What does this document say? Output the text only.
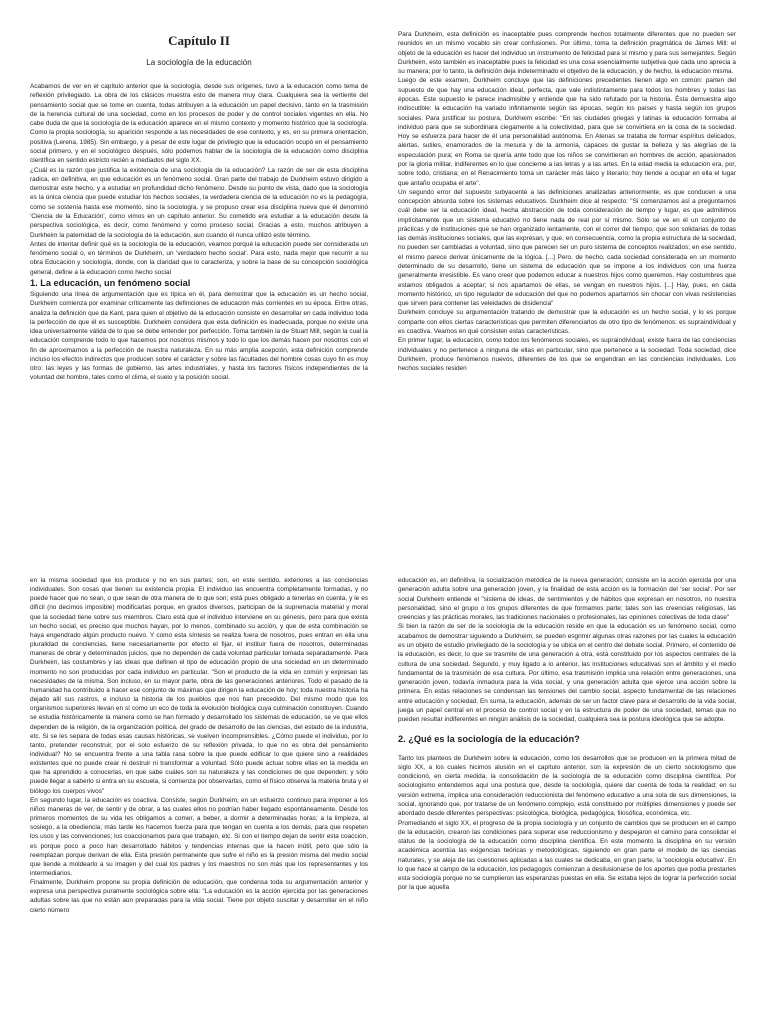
Capítulo II
La sociología de la educación

Acabamos de ver en el capítulo anterior que la sociología, desde sus orígenes, tuvo a la educación como tema de reflexión privilegiado. La obra de los clásicos muestra esto de manera muy clara. Cualquiera sea la vertiente del pensamiento social que se tome en cuenta, todas atribuyen a la educación un papel decisivo, tanto en la trasmisión de la herencia cultural de una sociedad, como en los procesos de poder y de control sociales vigentes en ella. No cabe duda de que la sociología de la educación aparece en el mismo contexto y momento histórico que la sociología. Como la propia sociología, su aparición responde a las necesidades de ese contexto, y es, en su primera orientación, positiva (Lerena, 1985). Sin embargo, y a pesar de este lugar de privilegio que la educación ocupó en el pensamiento social primero, y en el sociológico después, sólo podemos hablar de la sociología de la educación como disciplina científica en sentido estricto recién a mediados del siglo XX.

¿Cuál es la razón que justifica la existencia de una sociología de la educación? La razón de ser de esta disciplina radica, en definitiva, en que educación es un fenómeno social. Gran parte del trabajo de Durkheim estuvo dirigido a demostrar este hecho, y a estudiar en profundidad dicho fenómeno. Desde su punto de vista, dado que la sociología es la única ciencia que puede estudiar los hechos sociales, la verdadera ciencia de la educación no es la pedagogía, como se sostenía hasta ese momento, sino la sociología, y se propuso crear esa disciplina nueva que él denominó 'Ciencia de la Educación', como vimos en un capítulo anterior. Su cometido era estudiar a la educación desde la perspectiva sociológica, es decir, como fenómeno y como proceso social. Gracias a esto, muchos atribuyen a Durkheim la paternidad de la sociología de la educación, aun cuando él nunca utilizó este término.

Antes de intentar definir qué es la sociología de la educación, veamos porqué la educación puede ser considerada un fenómeno social o, en términos de Durkheim, un 'verdadero hecho social'. Para esto, nada mejor que recurrir a su obra Educación y sociología, donde, con la claridad que lo caracteriza, y sobre la base de su concepción sociológica general, define a la educación como hecho social

1. La educación, un fenómeno social

Siguiendo una línea de argumentación que es típica en él, para demostrar que la educación es un hecho social, Durkheim comienza por examinar críticamente las definiciones de educación más corrientes en su época. Entre otras, analiza la definición que da Kant, para quien el objetivo de la educación consiste en desarrollar en cada individuo toda la perfección de que él es susceptible. Durkheim considera que esta definición es inadecuada, porque no existe una idea universalmente válida de lo que se debe entender por perfección. Toma también la de Stuart Mill, según la cual la educación comprende todo lo que hacemos por nosotros mismos y todo lo que los demás hacen por nosotros con el fin de aproximarnos a la perfección de nuestra naturaleza. En su más amplia acepción, esta definición comprende incluso los efectos indirectos que producen sobre el carácter y sobre las facultades del hombre cosas cuyo fin es muy otro: las leyes y las formas de gobierno, las artes industriales, y hasta los factores físicos independientes de la voluntad del hombre, tales como el clima, el suelo y la posición social.

Para Durkheim, esta definición es inaceptable pues comprende hechos totalmente diferentes que no pueden ser reunidos en un mismo vocablo sin crear confusiones. Por último, toma la definición pragmática de James Mill: el objeto de la educación es hacer del individuo un instrumento de felicidad para sí mismo y para sus semejantes. Según Durkheim, esto también es inaceptable pues la felicidad es una cosa esencialmente subjetiva que cada uno aprecia a su manera; por lo tanto, la definición deja indeterminado el objetivo de la educación, y de hecho, la educación misma.

Luego de este examen, Durkheim concluye que las definiciones precedentes tienen algo en común: parten del supuesto de que hay una educación ideal, perfecta, que vale indistintamente para todos los hombres y todas las épocas. Este supuesto le parece inadmisible y entiende que ha sido refutado por la historia. Ésta demuestra algo indiscutible: la educación ha variado infinitamente según las épocas, según los países y hasta según los grupos sociales. Para justificar su postura, Durkheim escribe: "En las ciudades griegas y latinas la educación formaba al individuo para que se subordinara ciegamente a la colectividad, para que se convirtiera en la cosa de la sociedad. Hoy se esfuerza para hacer de él una personalidad autónoma. En Atenas se trataba de formar espíritus delicados, alertas, sutiles, enamorados de la mesura y de la armonía, capaces de gustar la belleza y las alegrías de la especulación pura; en Roma se quería ante todo que los niños se convirtieran en hombres de acción, apasionados por la gloria militar, indiferentes en lo que concierne a las letras y a las artes. En la edad media la educación era, por, sobre todo, cristiana; en el Renacimiento toma un carácter más laico y literario; hoy tiende a ocupar en ella el lugar que antaño ocupaba el arte".

Un segundo error del supuesto subyacente a las definiciones analizadas anteriormente, es que conducen a una concepción absurda sobre los sistemas educativos. Durkheim dice al respecto: "Si comenzamos así a preguntarnos cuál debe ser la educación ideal, hecha abstracción de toda consideración de tiempo y lugar, es que admitimos implícitamente que un sistema educativo no tiene nada de real por sí mismo. Sólo se ve en él un conjunto de prácticas y de instituciones que se han organizado lentamente, con el correr del tiempo, que son solidarias de todas las demás instituciones sociales, que las expresan, y que, en consecuencia, como la propia estructura de la sociedad, no pueden ser cambiadas a voluntad, sino que parecen ser un puro sistema de conceptos realizados; en ese sentido, el mismo parece derivar únicamente de la lógica. [...] Pero, de hecho, cada sociedad considerada en un momento determinado de su desarrollo, tiene un sistema de educación que se impone a los individuos con una fuerza generalmente irresistible. Es vano creer que podemos educar a nuestros hijos como queremos. Hay costumbres que estamos obligados a aceptar; si nos apartamos de ellas, se vengan en nuestros hijos. [...] Hay, pues, en cada momento histórico, un tipo regulador de educación del que no podemos apartarnos sin chocar con vivas resistencias que sirven para contener las veleidades de disidencia"

Durkheim concluye su argumentación tratando de demostrar que la educación es un hecho social, y lo es porque comparte con ellos ciertas características que permiten diferenciarlos de otro tipo de fenómenos: es supraindividual y es coactiva. Veamos en qué consisten estas características.

En primer lugar, la educación, como todos los fenómenos sociales, es supraindividual, existe fuera de las conciencias individuales y no pertenece a ninguna de ellas en particular, sino que pertenece a la sociedad. Toda sociedad, dice Durkheim, produce fenómenos nuevos, diferentes de los que se engendran en las conciencias individuales. Los hechos sociales residen

en la misma sociedad que los produce y no en sus partes; son, en este sentido, exteriores a las conciencias individuales. Son cosas que tienen su existencia propia. El individuo las encuentra completamente formadas, y no puede hacer que no sean, o que sean de otra manera de lo que son; está pues obligado a tenerlas en cuenta, y le es difícil (no decimos imposible) modificarlas porque, en grados diversos, participan de la supremacía material y moral que la sociedad tiene sobre sus miembros. Claro está que el individuo interviene en su génesis, pero para que exista un hecho social, es preciso que muchos hayan, por lo menos, combinado su acción, y que de esta combinación se haya engendrado algún producto nuevo. Y como esta síntesis se realiza fuera de nosotros, pues entran en ella una pluralidad de conciencias, tiene necesariamente por efecto el fijar, el instituir fuera de nosotros, determinadas maneras de obrar y determinados juicios, que no dependen de cada voluntad particular tomada separadamente. Para Durkheim, las costumbres y las ideas que definen el tipo de educación propio de una sociedad en un determinado momento no son producidas por cada individuo en particular. "Son el producto de la vida en común y expresan las necesidades de la misma. Son incluso, en su mayor parte, obra de las generaciones anteriores. Todo el pasado de la humanidad ha contribuido a hacer ese conjunto de máximas que dirigen la educación de hoy; toda nuestra historia ha dejado allí sus rastros, e incluso la historia de los pueblos que nos han precedido. Del mismo modo que los organismos superiores llevan en sí como un eco de toda la evolución biológica cuya culminación constituyen. Cuando se estudia históricamente la manera como se han formado y desarrollado los sistemas de educación, se ve que ellos dependen de la religión, de la organización política, del grado de desarrollo de las ciencias, del estado de la industria, etc. Si se les separa de todas esas causas históricas, se vuelven incomprensibles. ¿Cómo puede el individuo, por lo tanto, pretender reconstruir, por el solo esfuerzo de su reflexión privada, lo que no es obra del pensamiento individual? No se encuentra frente a una tabla rasa sobre la que puede edificar lo que quiere sino a realidades existentes que no puede crear ni destruir ni transformar a voluntad. Sólo puede actuar sobre ellas en la medida en que ha aprendido a conocerlas, en que sabe cuáles son su naturaleza y las condiciones de que dependen; y sólo puede llegar a saberlo si entra en su escuela, si comienza por observarlas, como el físico observa la materia bruta y el biólogo los cuerpos vivos"

En segundo lugar, la educación es coactiva. Consiste, según Durkheim, en un esfuerzo continuo para imponer a los niños maneras de ver, de sentir y de obrar, a las cuales ellos no podrían haber llegado espontáneamente. Desde los primeros momentos de su vida les obligamos a comer, a beber, a dormir a determinadas horas; a la limpieza, al sosiego, a la obediencia; más tarde les hacemos fuerza para que tengan en cuenta a los demás, para que respeten los usos y las convenciones; los coaccionamos para que trabajen, etc. Si con el tiempo dejan de sentir esta coacción, es porque poco a poco han desarrollado hábitos y tendencias internas que la hacen inútil, pero que sólo la reemplazan porque derivan de ella. Esta presión permanente que sufre el niño es la presión misma del medio social que tiende a moldearlo a su imagen y del cual los padres y los maestros no son más que los representantes y los intermediarios.

Finalmente, Durkheim propone su propia definición de educación, que condensa toda su argumentación anterior y expresa una perspectiva puramente sociológica sobre ella: "La educación es la acción ejercida por las generaciones adultas sobre las que no están aún preparadas para la vida social. Tiene por objeto suscitar y desarrollar en el niño cierto número

educación es, en definitiva, la socialización metódica de la nueva generación; consiste en la acción ejercida por una generación adulta sobre una generación joven, y la finalidad de esta acción es la formación del 'ser social'. Por ser social Durkheim entiende el "sistema de ideas, de sentimientos y de hábitos que expresan en nosotros, no nuestra personalidad, sino el grupo o los grupos diferentes de que formamos parte; tales son las creencias religiosas, las creencias y las prácticas morales, las tradiciones nacionales o profesionales, las opiniones colectivas de toda clase"

Si bien la razón de ser de la sociología de la educación reside en que la educación es un fenómeno social, como acabamos de demostrar siguiendo a Durkheim, se pueden esgrimir algunas otras razones por las cuales la educación es un objeto de estudio privilegiado de la sociología y se ubica en el centro del debate social. Primero, el contenido de la educación, es decir, lo que se trasmite de una generación a otra, está constituido por los aspectos centrales de la cultura de una sociedad. Segundo, y muy ligado a lo anterior, las instituciones educativas son el ámbito y el medio fundamental de la trasmisión de esa cultura. Por último, esa trasmisión implica una relación entre generaciones, una generación joven, todavía inmadura para la vida social, y una generación adulta que ejerce una acción sobre la primera. En estas relaciones se condensan las tensiones del cambio social, aspecto fundamental de las relaciones entre educación y sociedad. En suma, la educación, además de ser un factor clave para el desarrollo de la vida social, juega un papel central en el proceso de control social y en la estructura de poder de una sociedad, temas que no pueden resultar indiferentes en ningún análisis de la sociedad, cualquiera sea la postura ideológica que se adopte.

2. ¿Qué es la sociología de la educación?

Tanto los planteos de Durkheim sobre la educación, como los desarrollos que se producen en la primera mitad de siglo XX, a los cuales hicimos alusión en el capítulo anterior, son la expresión de un cierto sociologismo que condicionó, en cierta medida, la consolidación de la sociología de la educación como disciplina científica. Por sociologismo entendemos aquí una postura que, desde la sociología, quiere dar cuenta de toda la realidad; en su versión extrema, implica una consideración reduccionista del fenómeno educativo a una sola de sus dimensiones, la social, ignorando que, por tratarse de un fenómeno complejo, está constituido por múltiples dimensiones y puede ser abordado desde diferentes perspectivas: psicológica, biológica, pedagógica, filosófica, económica, etc.

Promediando el siglo XX, el progreso de la propia sociología y un conjunto de cambios que se producen en el campo de la educación, crearon las condiciones para superar ese reduccionismo y despejaron el camino para consolidar el status de la sociología de la educación como disciplina científica. En este momento la disciplina en su versión académica acentúa las exigencias teóricas y metodológicas, siguiendo en gran parte el modelo de las ciencias naturales, y se aleja de las cuestiones aplicadas a las cuales se dedicaba, en gran parte, la 'sociología educativa'. En lo que hace al campo de la educación, los pedagogos comienzan a desilusionarse de los aportes que podía prestarles esta sociología porque no se cumplieron las esperanzas puestas en ella. Se estaba lejos de lograr la perfección social por la que aquella
